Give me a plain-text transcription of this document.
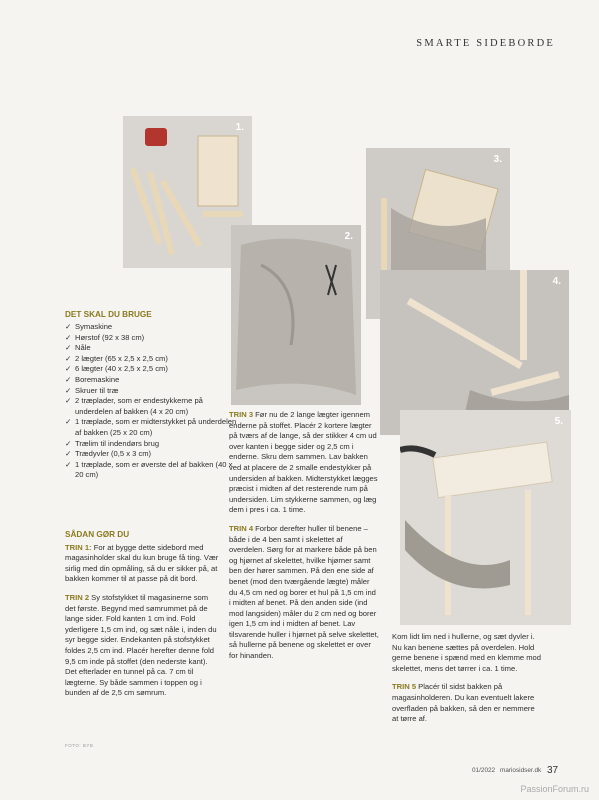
SMARTE SIDEBORDE
1.
2.
3.
4.
5.
DET SKAL DU BRUGE
✓ Symaskine
✓ Hørstof (92 x 38 cm)
✓ Nåle
✓ 2 lægter (65 x 2,5 x 2,5 cm)
✓ 6 lægter (40 x 2,5 x 2,5 cm)
✓ Boremaskine
✓ Skruer til træ
✓ 2 træplader, som er endestykkerne på underdelen af bakken (4 x 20 cm)
✓ 1 træplade, som er midterstykket på underdelen af bakken (25 x 20 cm)
✓ Trælim til indendørs brug
✓ Trædyvler (0,5 x 3 cm)
✓ 1 træplade, som er øverste del af bakken (40 x 20 cm)
SÅDAN GØR DU

TRIN 1: For at bygge dette sidebord med magasinholder skal du kun bruge få ting. Vær sirlig med din opmåling, så du er sikker på, at bakken kommer til at passe på dit bord.

TRIN 2 Sy stofstykket til magasinerne som det første. Begynd med sømrummet på de lange sider. Fold kanten 1 cm ind. Fold yderligere 1,5 cm ind, og sæt nåle i, inden du syr begge sider. Endekanten på stofstykket foldes 2,5 cm ind. Placér herefter denne fold 9,5 cm inde på stoffet (den nederste kant). Det efterlader en tunnel på ca. 7 cm til lægterne. Sy både sammen i toppen og i bunden af de 2,5 cm sømrum.

TRIN 3 Før nu de 2 lange lægter igennem enderne på stoffet. Placér 2 kortere lægter på tværs af de lange, så der stikker 4 cm ud over kanten i begge sider og 2,5 cm i enderne. Skru dem sammen. Lav bakken ved at placere de 2 smalle endestykker på undersiden af bakken. Midterstykket lægges præcist i midten af det resterende rum på undersiden. Lim stykkerne sammen, og læg dem i pres i ca. 1 time.

TRIN 4 Forbor derefter huller til benene – både i de 4 ben samt i skelettet af overdelen. Sørg for at markere både på ben og hjørnet af skelettet, hvilke hjørner samt ben der hører sammen. På den ene side af benet (mod den tværgående lægte) måler du 4,5 cm ned og borer et hul på 1,5 cm ind i midten af benet. På den anden side (ind mod langsiden) måler du 2 cm ned og borer igen 1,5 cm ind i midten af benet. Lav tilsvarende huller i hjørnet på selve skelettet, så hullerne på benene og skelettet er over for hinanden.

Kom lidt lim ned i hullerne, og sæt dyvler i. Nu kan benene sættes på overdelen. Hold gerne benene i spænd med en klemme mod skelettet, mens det tørrer i ca. 1 time.

TRIN 5 Placér til sidst bakken på magasinholderen. Du kan eventuelt lakere overfladen på bakken, så den er nemmere at tørre af.

FOTO: BYB
01/2022 mariosidser.dk 37
PassionForum.ru
